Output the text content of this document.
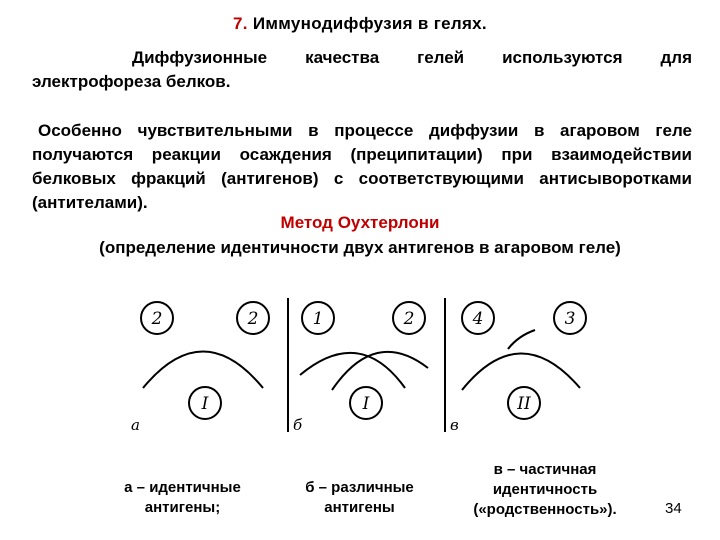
7. Иммунодиффузия в гелях.
Диффузионные качества гелей используются для электрофореза белков.
Особенно чувствительными в процессе диффузии в агаровом геле получаются реакции осаждения (преципитации) при взаимодействии белковых фракций (антигенов) с соответствующими антисыворотками (антителами).
Метод Оухтерлони
(определение идентичности двух антигенов в агаровом геле)
2	2
I
а
1	2
I
б
4	3
II
в
а – идентичные антигены;
б – различные антигены
в – частичная идентичность («родственность»).	34
